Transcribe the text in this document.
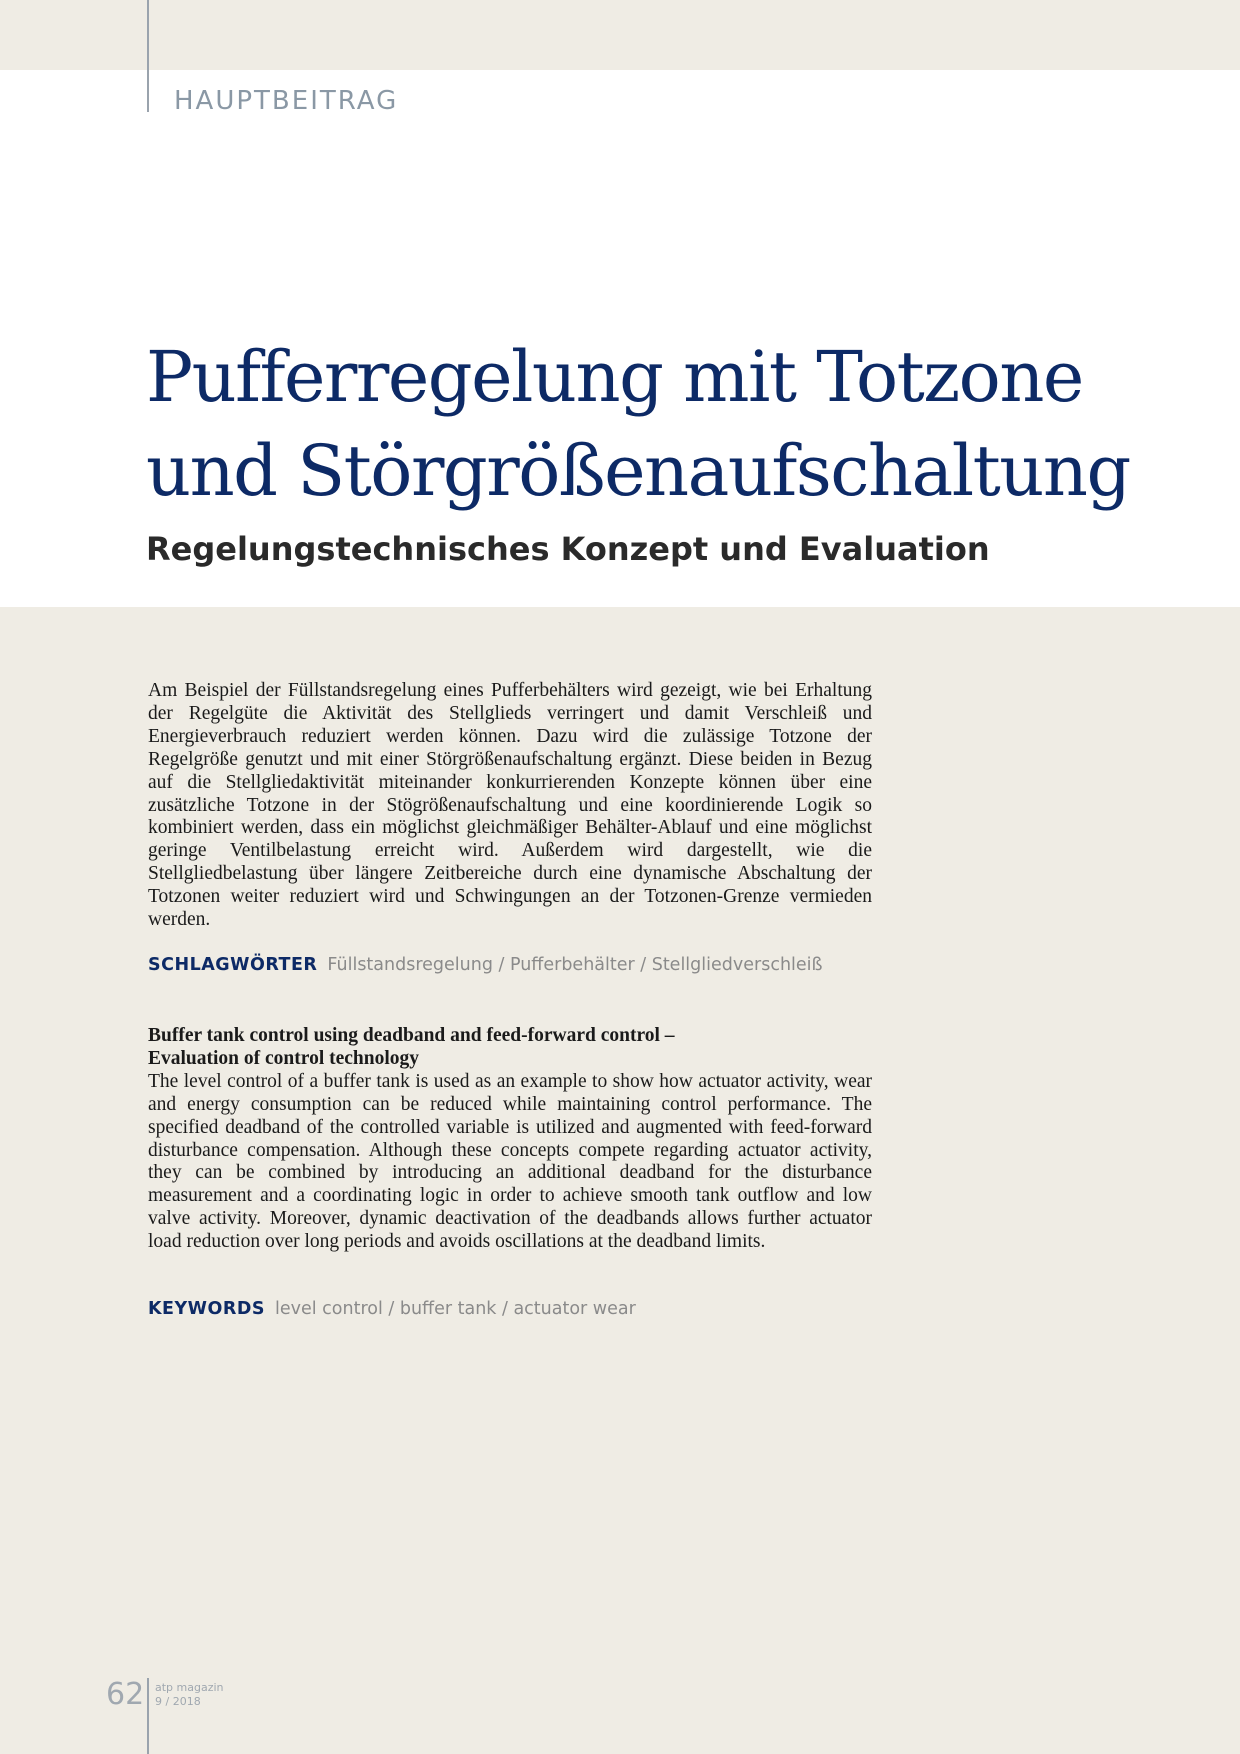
HAUPTBEITRAG
Pufferregelung mit Totzone
und Störgrößenaufschaltung
Regelungstechnisches Konzept und Evaluation

Am Beispiel der Füllstandsregelung eines Pufferbehälters wird gezeigt, wie bei Erhaltung der Regelgüte die Aktivität des Stellglieds verringert und damit Verschleiß und Energieverbrauch reduziert werden können. Dazu wird die zulässige Totzone der Regelgröße genutzt und mit einer Störgrößenaufschaltung ergänzt. Diese beiden in Bezug auf die Stellgliedaktivität miteinander konkurrierenden Konzepte können über eine zusätzliche Totzone in der Stögrößenaufschaltung und eine koordinierende Logik so kombiniert werden, dass ein möglichst gleichmäßiger Behälter-Ablauf und eine möglichst geringe Ventilbelastung erreicht wird. Außerdem wird dargestellt, wie die Stellgliedbelastung über längere Zeitbereiche durch eine dynamische Abschaltung der Totzonen weiter reduziert wird und Schwingungen an der Totzonen-Grenze vermieden werden.

SCHLAGWÖRTER Füllstandsregelung / Pufferbehälter / Stellgliedverschleiß
Buffer tank control using deadband and feed-forward control –
Evaluation of control technology
The level control of a buffer tank is used as an example to show how actuator activity, wear and energy consumption can be reduced while maintaining control performance. The specified deadband of the controlled variable is utilized and augmented with feed-forward disturbance compensation. Although these concepts compete regarding actuator activity, they can be combined by introducing an additional deadband for the disturbance measurement and a coordinating logic in order to achieve smooth tank outflow and low valve activity. Moreover, dynamic deactivation of the deadbands allows further actuator load reduction over long periods and avoids oscillations at the deadband limits.
KEYWORDS level control / buffer tank / actuator wear
62 atp magazin
9 / 2018
